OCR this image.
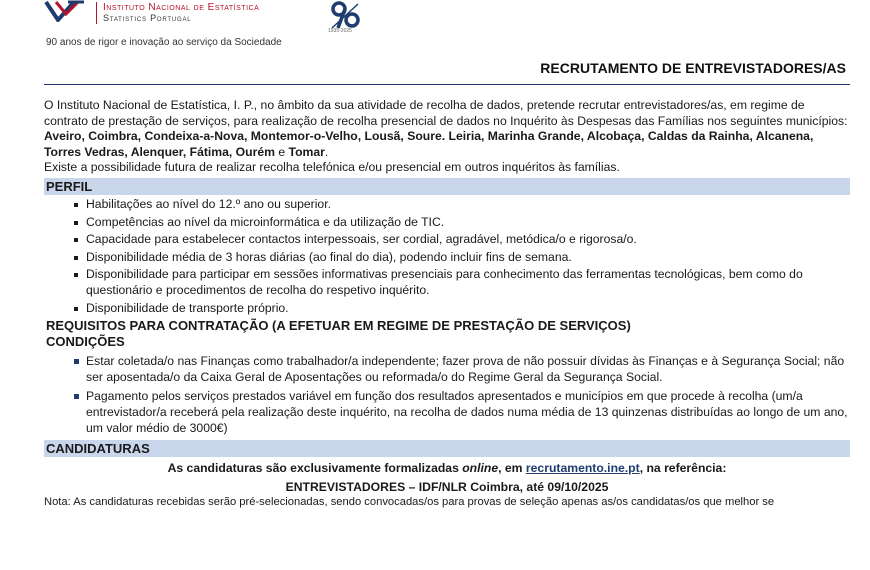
Instituto Nacional de Estatística
Statistics Portugal
1935-2025
90 anos de rigor e inovação ao serviço da Sociedade
RECRUTAMENTO DE ENTREVISTADORES/AS

O Instituto Nacional de Estatística, I. P., no âmbito da sua atividade de recolha de dados, pretende recrutar entrevistadores/as, em regime de contrato de prestação de serviços, para realização de recolha presencial de dados no Inquérito às Despesas das Famílias nos seguintes municípios: Aveiro, Coimbra, Condeixa-a-Nova, Montemor-o-Velho, Lousã, Soure. Leiria, Marinha Grande, Alcobaça, Caldas da Rainha, Alcanena, Torres Vedras, Alenquer, Fátima, Ourém e Tomar.
Existe a possibilidade futura de realizar recolha telefónica e/ou presencial em outros inquéritos às famílias.

PERFIL
Habilitações ao nível do 12.º ano ou superior.
Competências ao nível da microinformática e da utilização de TIC.
Capacidade para estabelecer contactos interpessoais, ser cordial, agradável, metódica/o e rigorosa/o.
Disponibilidade média de 3 horas diárias (ao final do dia), podendo incluir fins de semana.
Disponibilidade para participar em sessões informativas presenciais para conhecimento das ferramentas tecnológicas, bem como do questionário e procedimentos de recolha do respetivo inquérito.
Disponibilidade de transporte próprio.
REQUISITOS PARA CONTRATAÇÃO (A EFETUAR EM REGIME DE PRESTAÇÃO DE SERVIÇOS)
CONDIÇÕES
Estar coletada/o nas Finanças como trabalhador/a independente; fazer prova de não possuir dívidas às Finanças e à Segurança Social; não ser aposentada/o da Caixa Geral de Aposentações ou reformada/o do Regime Geral da Segurança Social.
Pagamento pelos serviços prestados variável em função dos resultados apresentados e municípios em que procede à recolha (um/a entrevistador/a receberá pela realização deste inquérito, na recolha de dados numa média de 13 quinzenas distribuídas ao longo de um ano, um valor médio de 3000€)
CANDIDATURAS
As candidaturas são exclusivamente formalizadas online, em recrutamento.ine.pt, na referência:
ENTREVISTADORES – IDF/NLR Coimbra, até 09/10/2025
Nota: As candidaturas recebidas serão pré-selecionadas, sendo convocadas/os para provas de seleção apenas as/os candidatas/os que melhor se
